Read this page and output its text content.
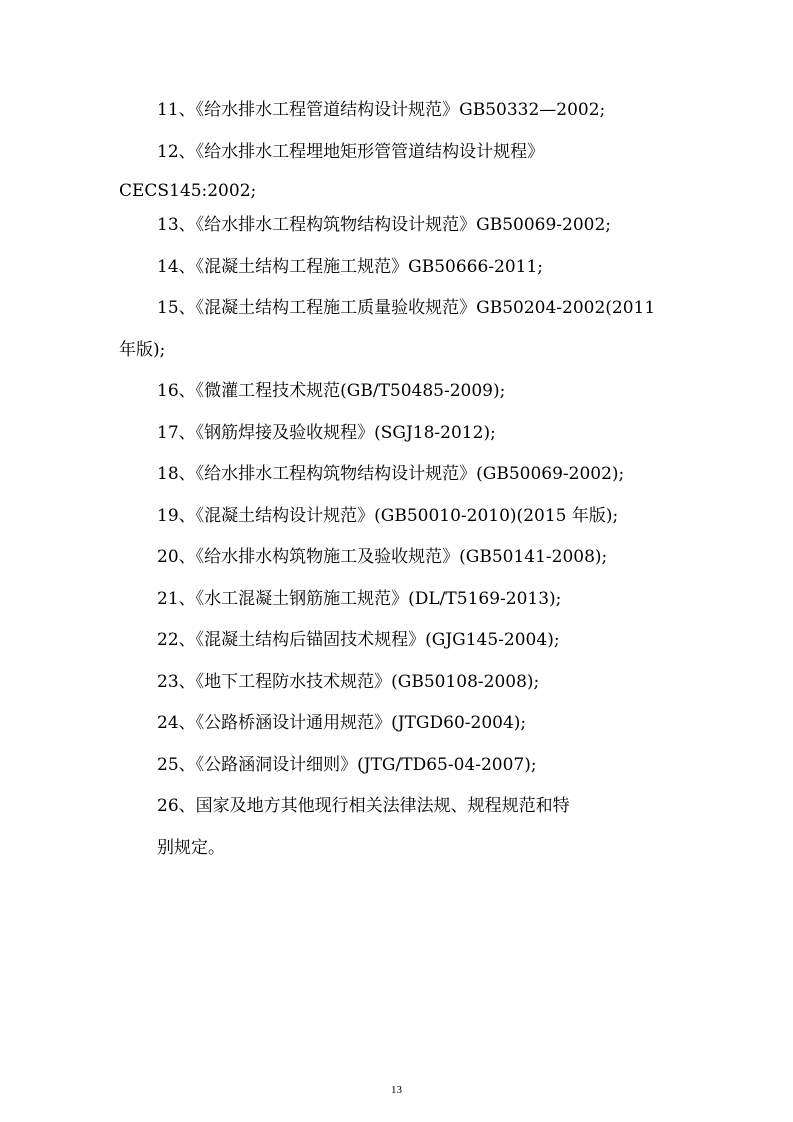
11、《给水排水工程管道结构设计规范》GB50332—2002;

12、《给水排水工程埋地矩形管管道结构设计规程》

CECS145:2002;

13、《给水排水工程构筑物结构设计规范》GB50069-2002;

14、《混凝土结构工程施工规范》GB50666-2011;

15、《混凝土结构工程施工质量验收规范》GB50204-2002(2011

年版);

16、《微灌工程技术规范(GB/T50485-2009);

17、《钢筋焊接及验收规程》(SGJ18-2012);

18、《给水排水工程构筑物结构设计规范》(GB50069-2002);

19、《混凝土结构设计规范》(GB50010-2010)(2015 年版);

20、《给水排水构筑物施工及验收规范》(GB50141-2008);

21、《水工混凝土钢筋施工规范》(DL/T5169-2013);

22、《混凝土结构后锚固技术规程》(GJG145-2004);

23、《地下工程防水技术规范》(GB50108-2008);

24、《公路桥涵设计通用规范》(JTGD60-2004);

25、《公路涵洞设计细则》(JTG/TD65-04-2007);

26、国家及地方其他现行相关法律法规、规程规范和特

别规定。

13
